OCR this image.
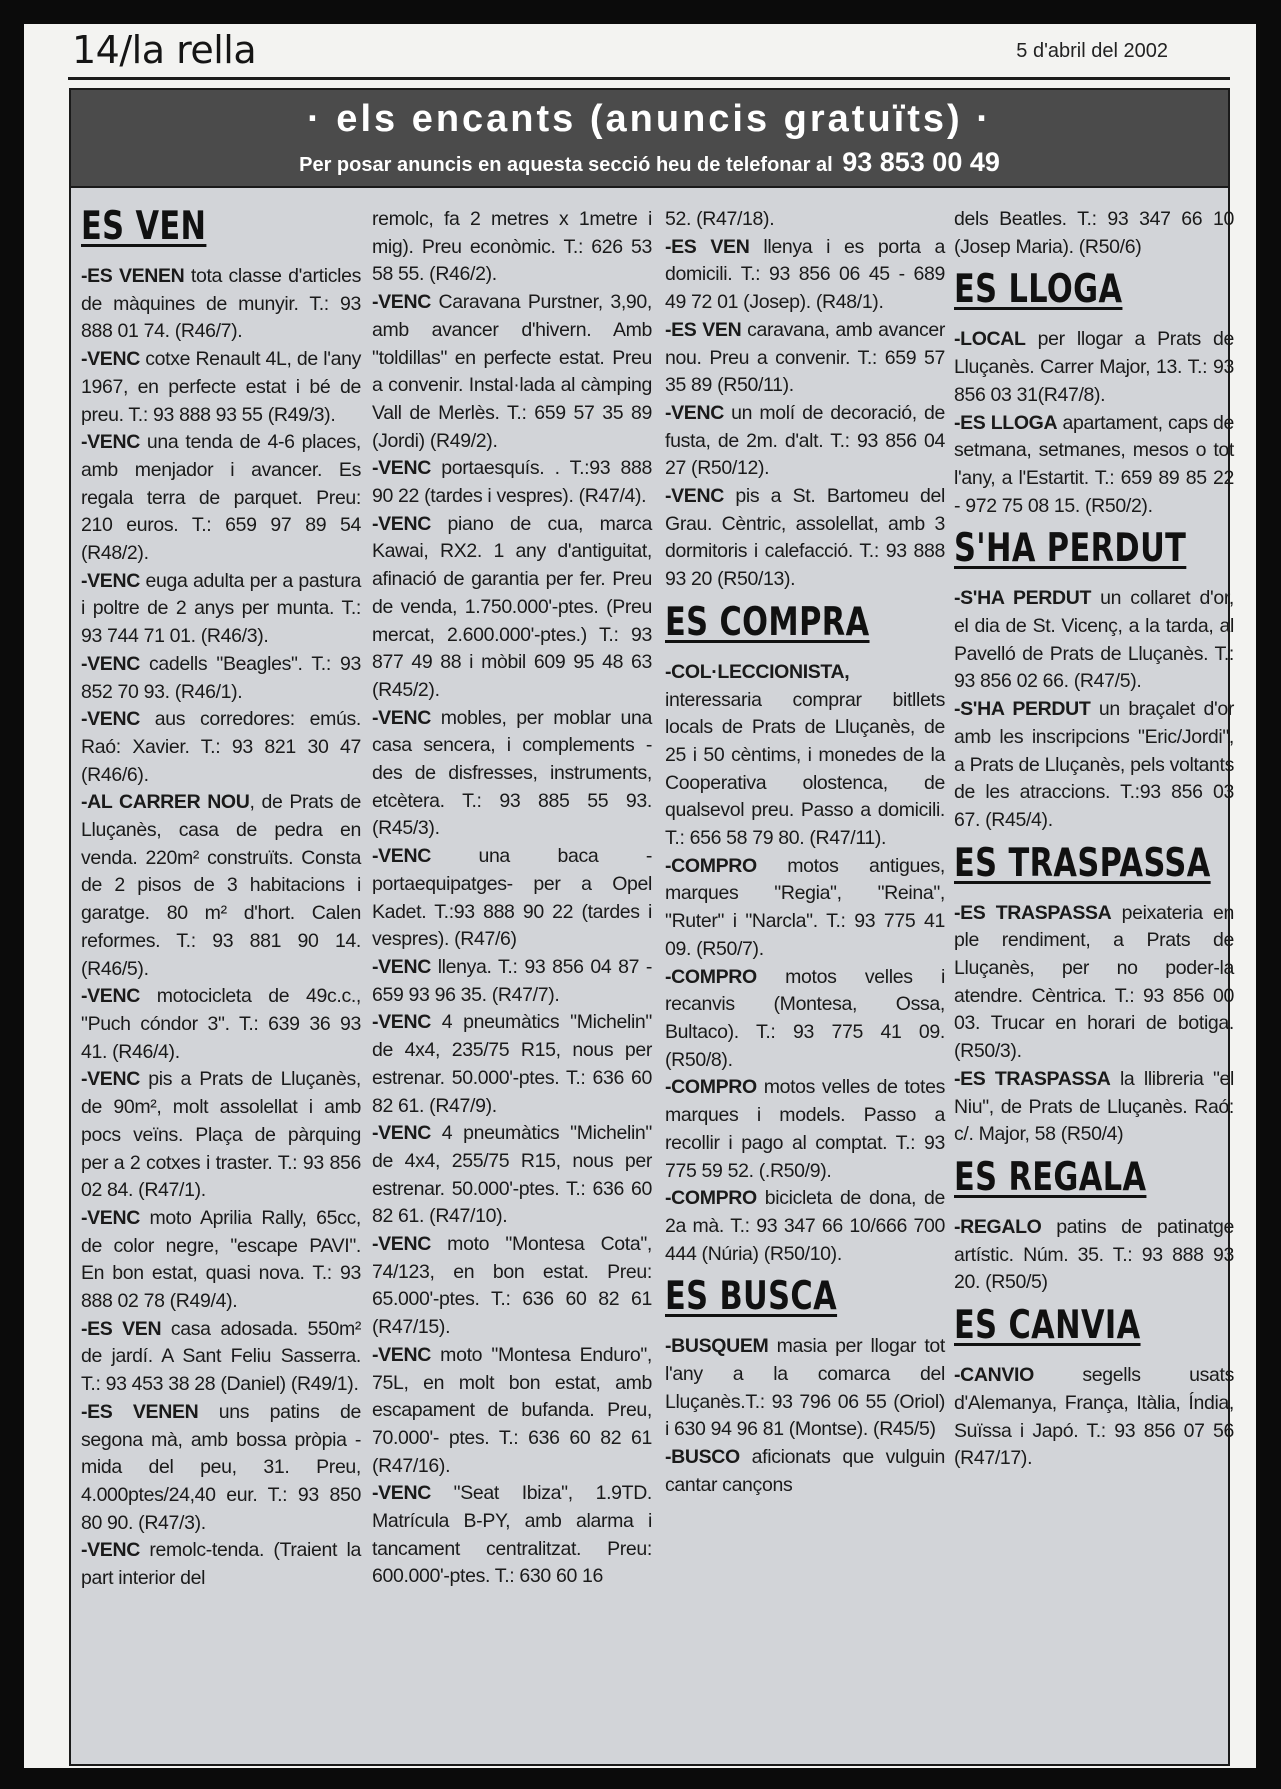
14/la rella	5 d'abril del 2002
· els encants (anuncis gratuïts) ·
Per posar anuncis en aquesta secció heu de telefonar al 93 853 00 49
ES VEN

-ES VENEN tota classe d'articles de màquines de munyir. T.: 93 888 01 74. (R46/7).

-VENC cotxe Renault 4L, de l'any 1967, en perfecte estat i bé de preu. T.: 93 888 93 55 (R49/3).

-VENC una tenda de 4-6 places, amb menjador i avancer. Es regala terra de parquet. Preu: 210 euros. T.: 659 97 89 54 (R48/2).

-VENC euga adulta per a pastura i poltre de 2 anys per munta. T.: 93 744 71 01. (R46/3).

-VENC cadells "Beagles". T.: 93 852 70 93. (R46/1).

-VENC aus corredores: emús. Raó: Xavier. T.: 93 821 30 47 (R46/6).

-AL CARRER NOU, de Prats de Lluçanès, casa de pedra en venda. 220m² construïts. Consta de 2 pisos de 3 habitacions i garatge. 80 m² d'hort. Calen reformes. T.: 93 881 90 14.(R46/5).

-VENC motocicleta de 49c.c., "Puch cóndor 3". T.: 639 36 93 41. (R46/4).

-VENC pis a Prats de Lluçanès, de 90m², molt assolellat i amb pocs veïns. Plaça de pàrquing per a 2 cotxes i traster. T.: 93 856 02 84. (R47/1).

-VENC moto Aprilia Rally, 65cc, de color negre, "escape PAVI". En bon estat, quasi nova. T.: 93 888 02 78 (R49/4).

-ES VEN casa adosada. 550m² de jardí. A Sant Feliu Sasserra. T.: 93 453 38 28 (Daniel) (R49/1).

-ES VENEN uns patins de segona mà, amb bossa pròpia -mida del peu, 31. Preu, 4.000ptes/24,40 eur. T.: 93 850 80 90. (R47/3).

-VENC remolc-tenda. (Traient la part interior del

remolc, fa 2 metres x 1metre i mig). Preu econòmic. T.: 626 53 58 55. (R46/2).

-VENC Caravana Purstner, 3,90, amb avancer d'hivern. Amb "toldillas" en perfecte estat. Preu a convenir. Instal·lada al càmping Vall de Merlès. T.: 659 57 35 89 (Jordi) (R49/2).

-VENC portaesquís. . T.:93 888 90 22 (tardes i vespres). (R47/4).

-VENC piano de cua, marca Kawai, RX2. 1 any d'antiguitat, afinació de garantia per fer. Preu de venda, 1.750.000'-ptes. (Preu mercat, 2.600.000'-ptes.) T.: 93 877 49 88 i mòbil 609 95 48 63 (R45/2).

-VENC mobles, per moblar una casa sencera, i complements -des de disfresses, instruments, etcètera. T.: 93 885 55 93. (R45/3).

-VENC una baca -portaequipatges- per a Opel Kadet. T.:93 888 90 22 (tardes i vespres). (R47/6)

-VENC llenya. T.: 93 856 04 87 - 659 93 96 35. (R47/7).

-VENC 4 pneumàtics "Michelin" de 4x4, 235/75 R15, nous per estrenar. 50.000'-ptes. T.: 636 60 82 61. (R47/9).

-VENC 4 pneumàtics "Michelin" de 4x4, 255/75 R15, nous per estrenar. 50.000'-ptes. T.: 636 60 82 61. (R47/10).

-VENC moto "Montesa Cota", 74/123, en bon estat. Preu: 65.000'-ptes. T.: 636 60 82 61 (R47/15).

-VENC moto "Montesa Enduro", 75L, en molt bon estat, amb escapament de bufanda. Preu, 70.000'- ptes. T.: 636 60 82 61 (R47/16).

-VENC "Seat Ibiza", 1.9TD. Matrícula B-PY, amb alarma i tancament centralitzat. Preu: 600.000'-ptes. T.: 630 60 16

52. (R47/18).

-ES VEN llenya i es porta a domicili. T.: 93 856 06 45 - 689 49 72 01 (Josep). (R48/1).

-ES VEN caravana, amb avancer nou. Preu a convenir. T.: 659 57 35 89 (R50/11).

-VENC un molí de decoració, de fusta, de 2m. d'alt. T.: 93 856 04 27 (R50/12).

-VENC pis a St. Bartomeu del Grau. Cèntric, assolellat, amb 3 dormitoris i calefacció. T.: 93 888 93 20 (R50/13).

ES COMPRA

-COL·LECCIONISTA, interessaria comprar bitllets locals de Prats de Lluçanès, de 25 i 50 cèntims, i monedes de la Cooperativa olostenca, de qualsevol preu. Passo a domicili. T.: 656 58 79 80. (R47/11).

-COMPRO motos antigues, marques "Regia", "Reina", "Ruter" i "Narcla". T.: 93 775 41 09. (R50/7).

-COMPRO motos velles i recanvis (Montesa, Ossa, Bultaco). T.: 93 775 41 09.(R50/8).

-COMPRO motos velles de totes marques i models. Passo a recollir i pago al comptat. T.: 93 775 59 52. (.R50/9).

-COMPRO bicicleta de dona, de 2a mà. T.: 93 347 66 10/666 700 444 (Núria) (R50/10).

ES BUSCA

-BUSQUEM masia per llogar tot l'any a la comarca del Lluçanès.T.: 93 796 06 55 (Oriol) i 630 94 96 81 (Montse). (R45/5)

-BUSCO aficionats que vulguin cantar cançons

dels Beatles. T.: 93 347 66 10 (Josep Maria). (R50/6)

ES LLOGA

-LOCAL per llogar a Prats de Lluçanès. Carrer Major, 13. T.: 93 856 03 31(R47/8).

-ES LLOGA apartament, caps de setmana, setmanes, mesos o tot l'any, a l'Estartit. T.: 659 89 85 22 - 972 75 08 15. (R50/2).

S'HA PERDUT

-S'HA PERDUT un collaret d'or, el dia de St. Vicenç, a la tarda, al Pavelló de Prats de Lluçanès. T.: 93 856 02 66. (R47/5).

-S'HA PERDUT un braçalet d'or amb les inscripcions "Eric/Jordi", a Prats de Lluçanès, pels voltants de les atraccions. T.:93 856 03 67. (R45/4).

ES TRASPASSA

-ES TRASPASSA peixateria en ple rendiment, a Prats de Lluçanès, per no poder-la atendre. Cèntrica. T.: 93 856 00 03. Trucar en horari de botiga. (R50/3).

-ES TRASPASSA la llibreria "el Niu", de Prats de Lluçanès. Raó: c/. Major, 58 (R50/4)

ES REGALA

-REGALO patins de patinatge artístic. Núm. 35. T.: 93 888 93 20. (R50/5)

ES CANVIA

-CANVIO segells usats d'Alemanya, França, Itàlia, Índia, Suïssa i Japó. T.: 93 856 07 56 (R47/17).
